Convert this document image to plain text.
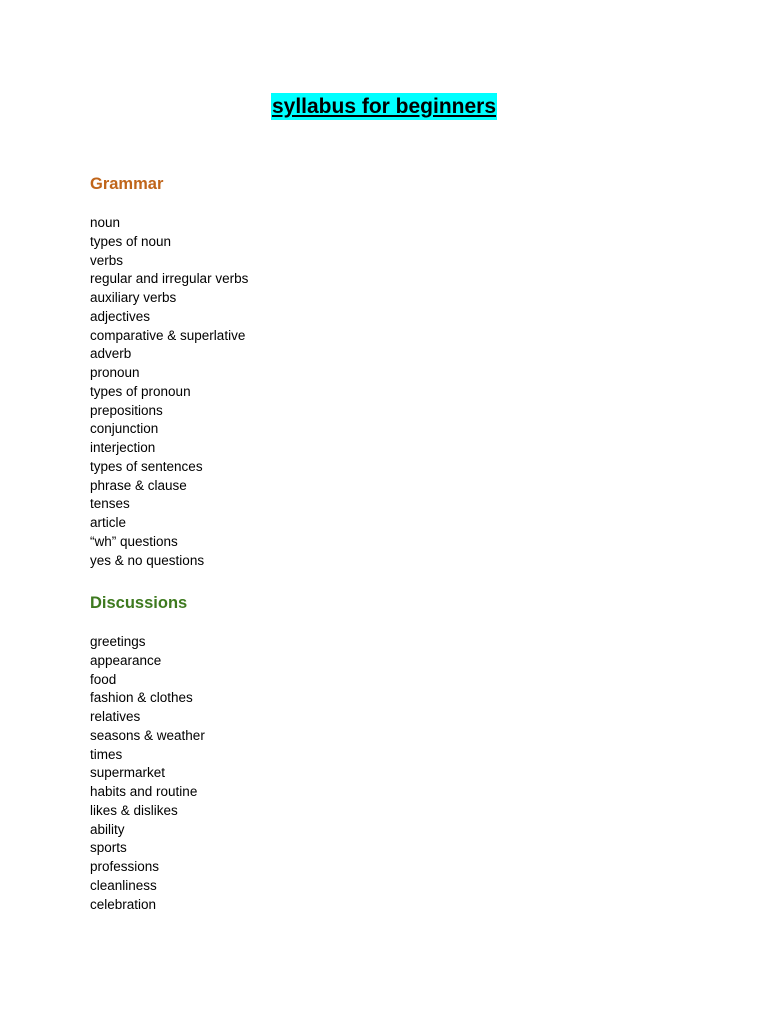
syllabus for beginners
Grammar
noun
types of noun
verbs
regular and irregular verbs
auxiliary verbs
adjectives
comparative & superlative
adverb
pronoun
types of pronoun
prepositions
conjunction
interjection
types of sentences
phrase & clause
tenses
article
“wh” questions
yes & no questions
Discussions
greetings
appearance
food
fashion & clothes
relatives
seasons & weather
times
supermarket
habits and routine
likes & dislikes
ability
sports
professions
cleanliness
celebration
